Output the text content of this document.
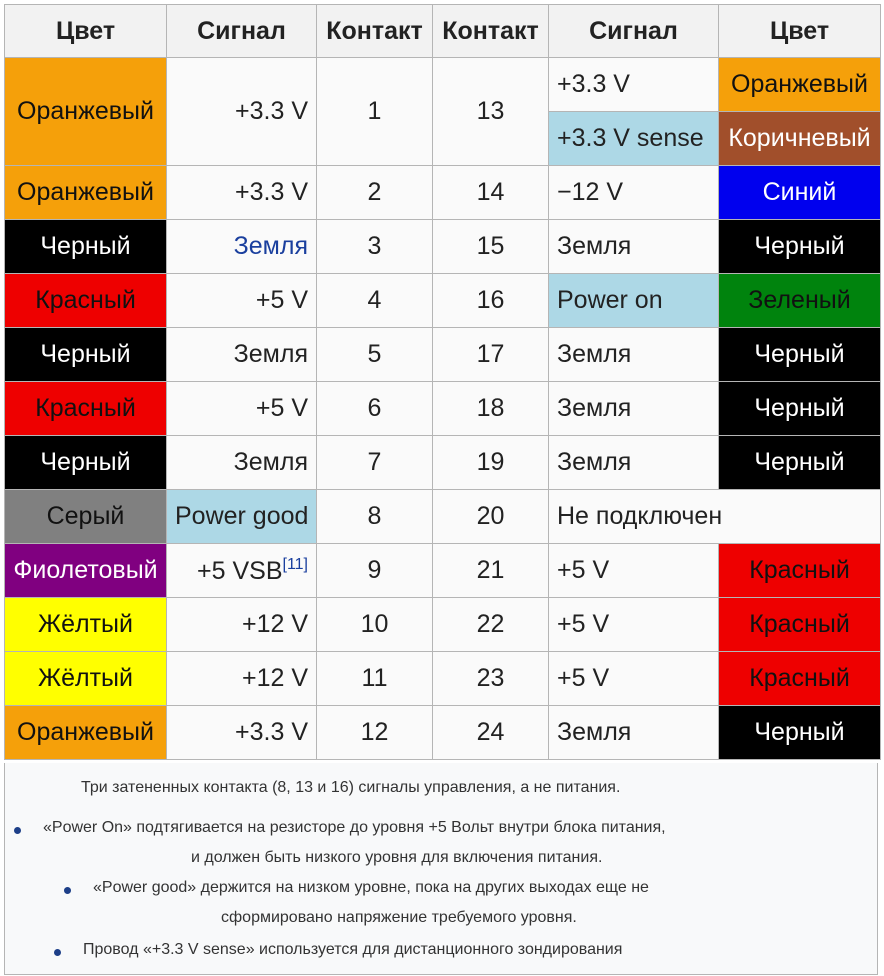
Цвет	Сигнал	Контакт	Контакт	Сигнал	Цвет
Оранжевый	+3.3 V	1	13	+3.3 V	Оранжевый
				+3.3 V sense	Коричневый
Оранжевый	+3.3 V	2	14	−12 V	Синий
Черный	Земля	3	15	Земля	Черный
Красный	+5 V	4	16	Power on	Зеленый
Черный	Земля	5	17	Земля	Черный
Красный	+5 V	6	18	Земля	Черный
Черный	Земля	7	19	Земля	Черный
Серый	Power good	8	20	Не подключен	
Фиолетовый	+5 VSB[11]	9	21	+5 V	Красный
Жёлтый	+12 V	10	22	+5 V	Красный
Жёлтый	+12 V	11	23	+5 V	Красный
Оранжевый	+3.3 V	12	24	Земля	Черный
Три затененных контакта (8, 13 и 16) сигналы управления, а не питания.
«Power On» подтягивается на резисторе до уровня +5 Вольт внутри блока питания,
и должен быть низкого уровня для включения питания.
«Power good» держится на низком уровне, пока на других выходах еще не
сформировано напряжение требуемого уровня.
Провод «+3.3 V sense» используется для дистанционного зондирования
